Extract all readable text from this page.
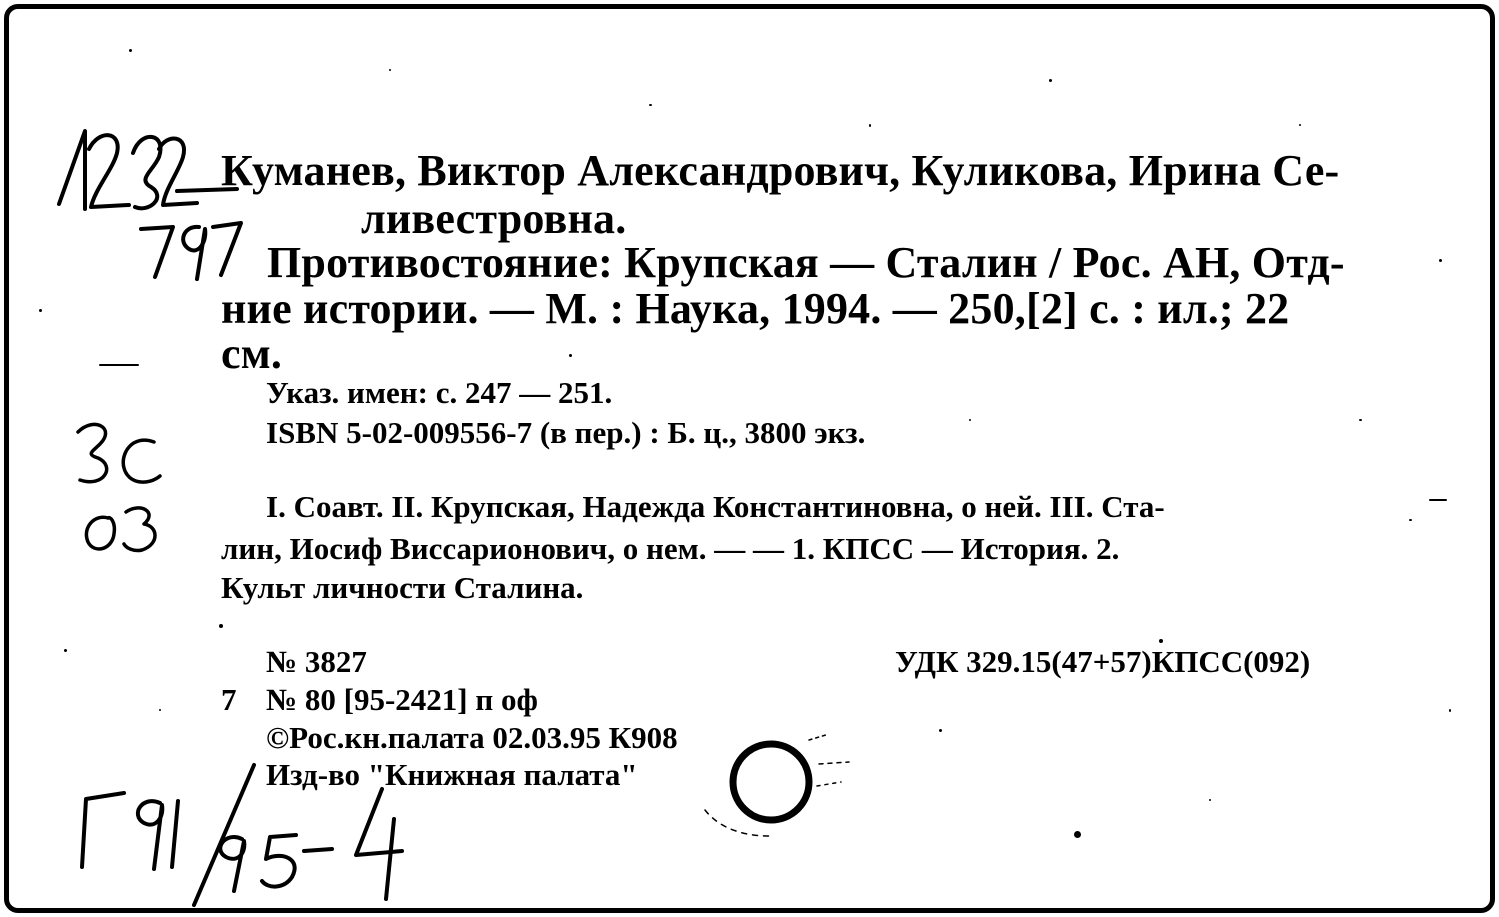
Куманев, Виктор Александрович, Куликова, Ирина Се-
ливестровна.
Противостояние: Крупская — Сталин / Рос. АН, Отд-
ние истории. — М. : Наука, 1994. — 250,[2] с. : ил.; 22
см.
Указ. имен: с. 247 — 251.
ISBN 5-02-009556-7 (в пер.) : Б. ц., 3800 экз.
I. Соавт. II. Крупская, Надежда Константиновна, о ней. III. Ста-
лин, Иосиф Виссарионович, о нем. — — 1. КПСС — История. 2.
Культ личности Сталина.
№ 3827	УДК 329.15(47+57)КПСС(092)
7 № 80 [95-2421] п оф
©Рос.кн.палата 02.03.95 К908
Изд-во "Книжная палата"
